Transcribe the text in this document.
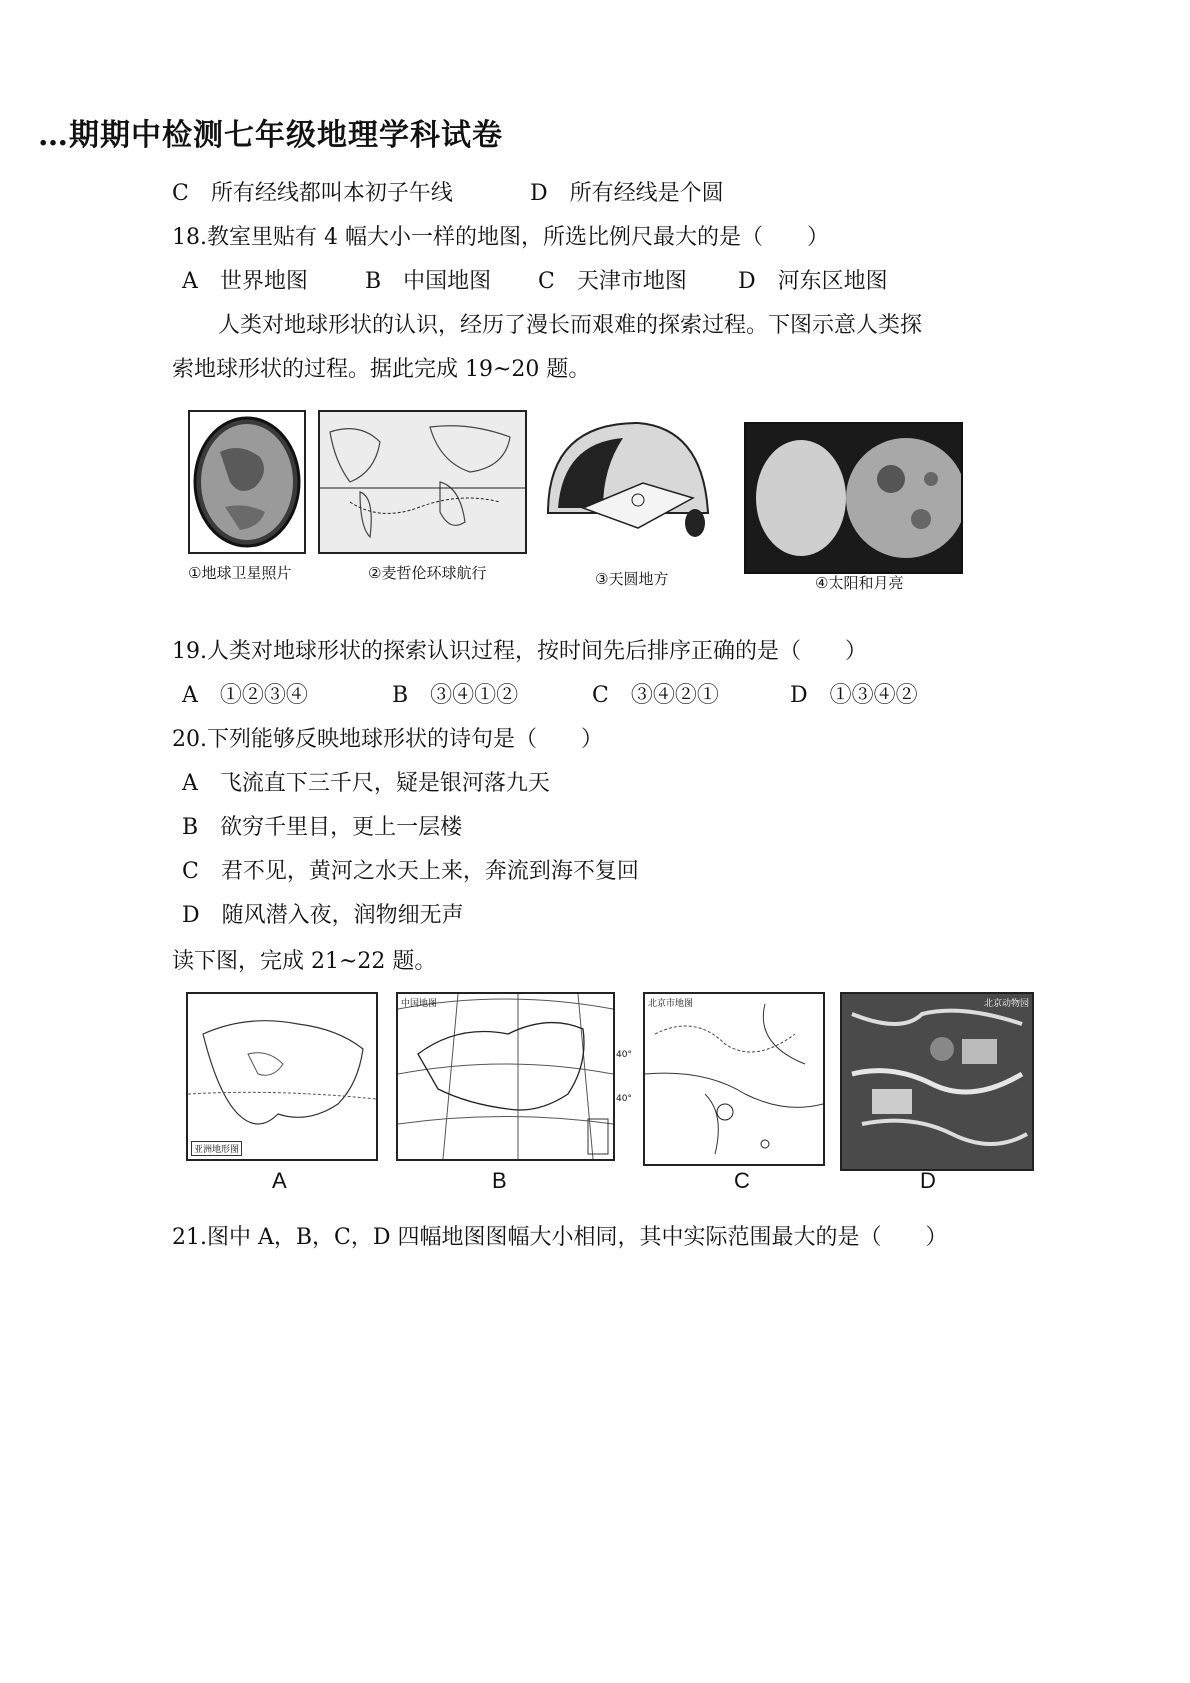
…期期中检测七年级地理学科试卷
C　所有经线都叫本初子午线	D　所有经线是个圆
18.教室里贴有 4 幅大小一样的地图，所选比例尺最大的是（　　）
A　世界地图	B　中国地图 C　天津市地图 D　河东区地图
人类对地球形状的认识，经历了漫长而艰难的探索过程。下图示意人类探
索地球形状的过程。据此完成 19~20 题。
①地球卫星照片	②麦哲伦环球航行	③天圆地方	④太阳和月亮
19.人类对地球形状的探索认识过程，按时间先后排序正确的是（　　）
A　①②③④	B　③④①②	C　③④②①	D　①③④②
20.下列能够反映地球形状的诗句是（　　）
A　飞流直下三千尺，疑是银河落九天
B　欲穷千里目，更上一层楼
C　君不见，黄河之水天上来，奔流到海不复回
D　随风潜入夜，润物细无声
读下图，完成 21~22 题。
亚洲地形图
A
中国地图
B
北京市地图
40°
40°
C
北京动物园
D
21.图中 A，B，C，D 四幅地图图幅大小相同，其中实际范围最大的是（　　）
